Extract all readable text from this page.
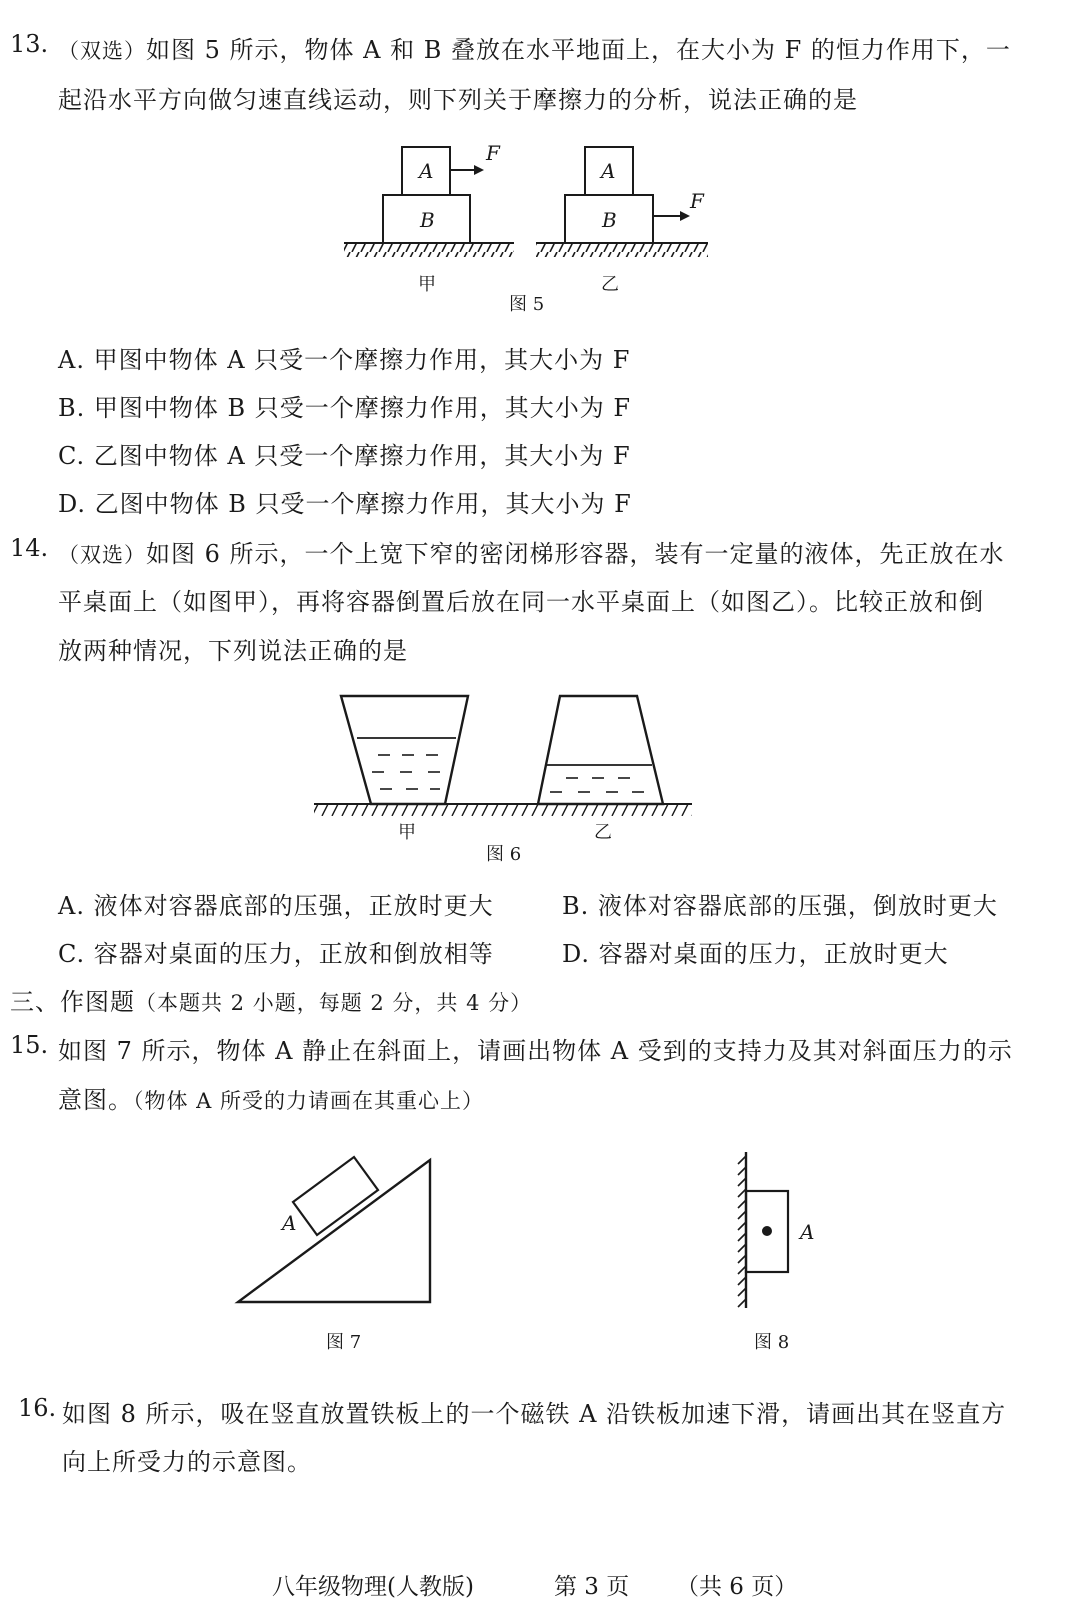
13. （双选）如图 5 所示，物体 A 和 B 叠放在水平地面上，在大小为 F 的恒力作用下，一
起沿水平方向做匀速直线运动，则下列关于摩擦力的分析，说法正确的是
A
B
F
甲
A
B
F
乙
图 5
A. 甲图中物体 A 只受一个摩擦力作用，其大小为 F
B. 甲图中物体 B 只受一个摩擦力作用，其大小为 F
C. 乙图中物体 A 只受一个摩擦力作用，其大小为 F
D. 乙图中物体 B 只受一个摩擦力作用，其大小为 F
14. （双选）如图 6 所示，一个上宽下窄的密闭梯形容器，装有一定量的液体，先正放在水
平桌面上（如图甲），再将容器倒置后放在同一水平桌面上（如图乙）。比较正放和倒
放两种情况，下列说法正确的是
甲	乙
图 6
A. 液体对容器底部的压强，正放时更大	B. 液体对容器底部的压强，倒放时更大
C. 容器对桌面的压力，正放和倒放相等	D. 容器对桌面的压力，正放时更大
三、作图题（本题共 2 小题，每题 2 分，共 4 分）
15. 如图 7 所示，物体 A 静止在斜面上，请画出物体 A 受到的支持力及其对斜面压力的示
意图。（物体 A 所受的力请画在其重心上）
A
图 7
A
图 8
16. 如图 8 所示，吸在竖直放置铁板上的一个磁铁 A 沿铁板加速下滑，请画出其在竖直方
向上所受力的示意图。
八年级物理(人教版)	第 3 页 （共 6 页）
